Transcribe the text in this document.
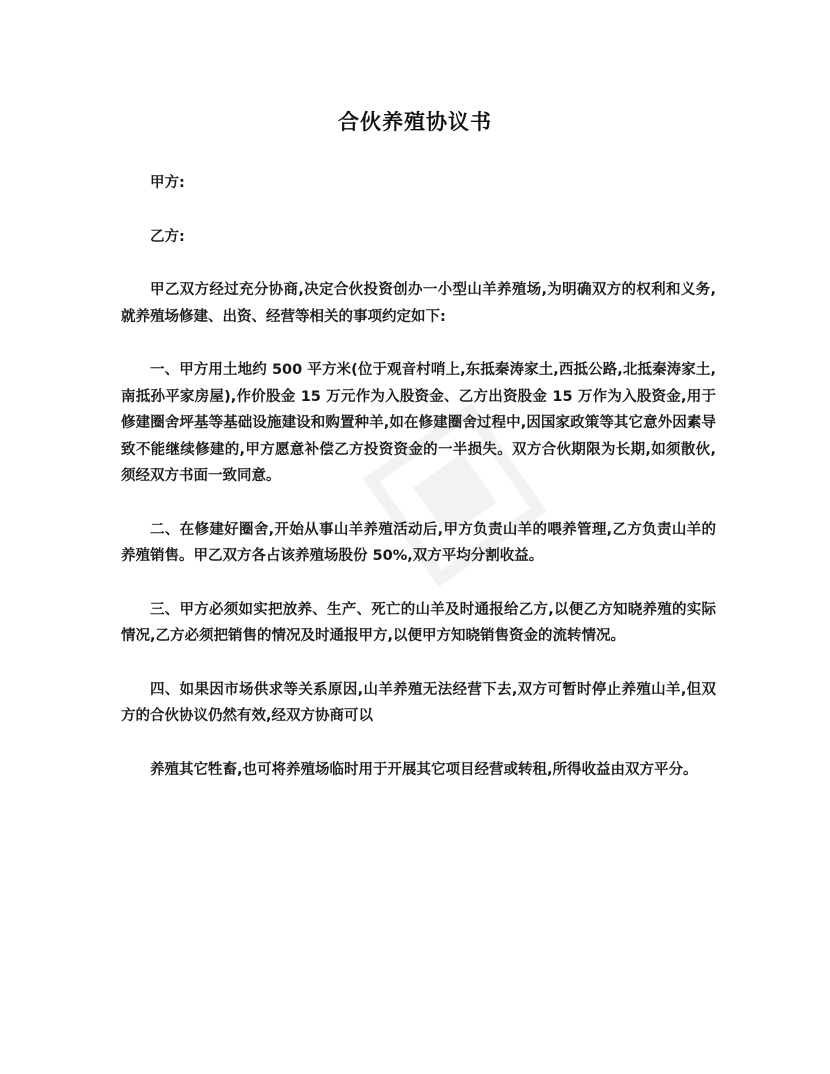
合伙养殖协议书

甲方:

乙方:

甲乙双方经过充分协商,决定合伙投资创办一小型山羊养殖场,为明确双方的权利和义务,就养殖场修建、出资、经营等相关的事项约定如下:

一、甲方用土地约 500 平方米(位于观音村哨上,东抵秦涛家土,西抵公路,北抵秦涛家土,南抵孙平家房屋),作价股金 15 万元作为入股资金、乙方出资股金 15 万作为入股资金,用于修建圈舍坪基等基础设施建设和购置种羊,如在修建圈舍过程中,因国家政策等其它意外因素导致不能继续修建的,甲方愿意补偿乙方投资资金的一半损失。双方合伙期限为长期,如须散伙,须经双方书面一致同意。

二、在修建好圈舍,开始从事山羊养殖活动后,甲方负责山羊的喂养管理,乙方负责山羊的养殖销售。甲乙双方各占该养殖场股份 50%,双方平均分割收益。

三、甲方必须如实把放养、生产、死亡的山羊及时通报给乙方,以便乙方知晓养殖的实际情况,乙方必须把销售的情况及时通报甲方,以便甲方知晓销售资金的流转情况。

四、如果因市场供求等关系原因,山羊养殖无法经营下去,双方可暂时停止养殖山羊,但双方的合伙协议仍然有效,经双方协商可以

养殖其它牲畜,也可将养殖场临时用于开展其它项目经营或转租,所得收益由双方平分。
